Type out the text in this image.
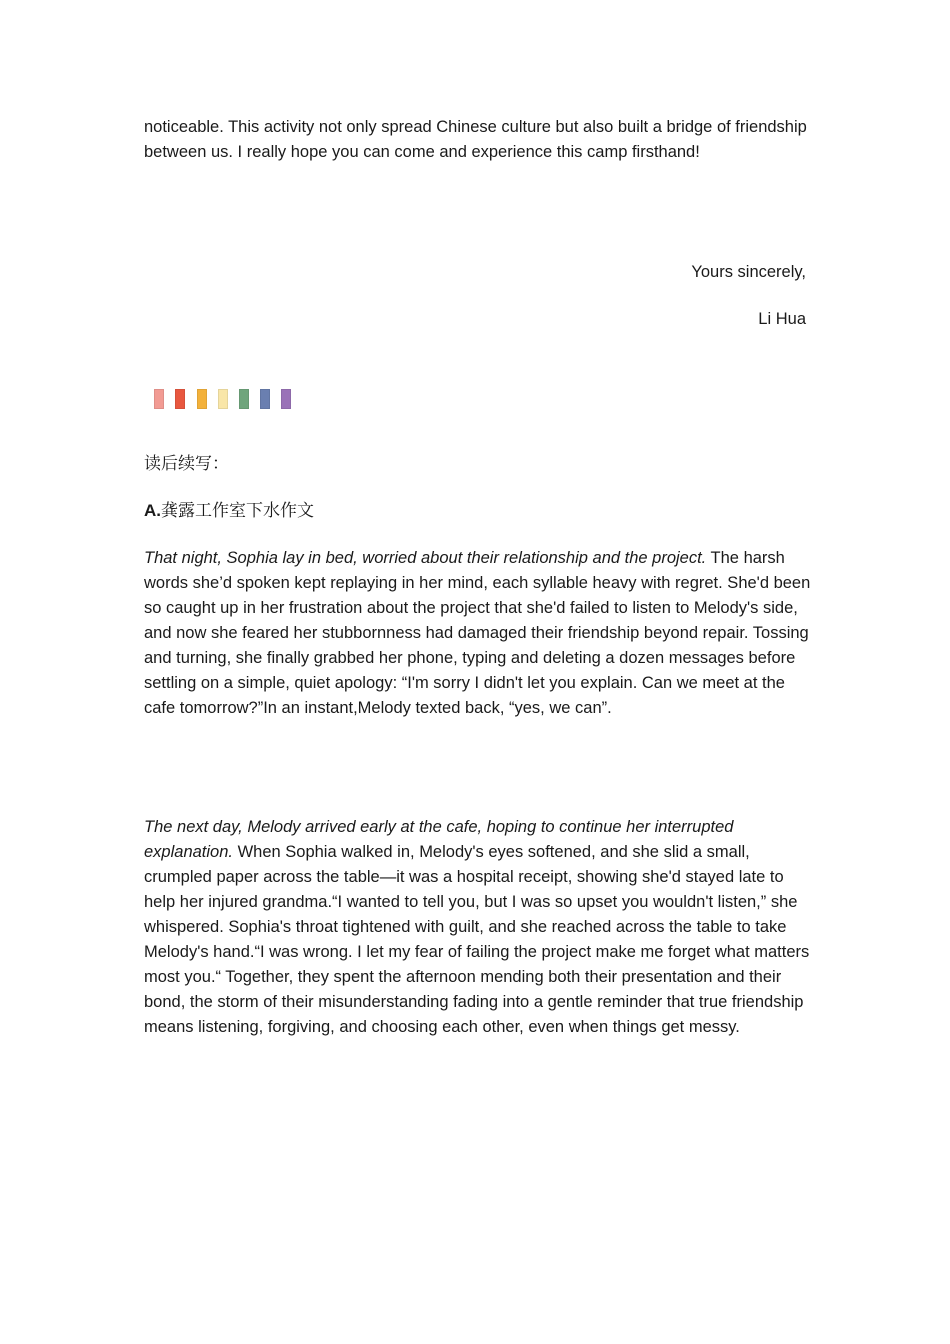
noticeable. This activity not only spread Chinese culture but also built a bridge of friendship between us. I really hope you can come and experience this camp firsthand!

Yours sincerely,
Li Hua

读后续写：

A.龚露工作室下水作文

That night, Sophia lay in bed, worried about their relationship and the project. The harsh words she’d spoken kept replaying in her mind, each syllable heavy with regret. She'd been so caught up in her frustration about the project that she'd failed to listen to Melody's side, and now she feared her stubbornness had damaged their friendship beyond repair. Tossing and turning, she finally grabbed her phone, typing and deleting a dozen messages before settling on a simple, quiet apology: “I'm sorry I didn't let you explain. Can we meet at the cafe tomorrow?”In an instant,Melody texted back, “yes, we can”.

The next day, Melody arrived early at the cafe, hoping to continue her interrupted explanation. When Sophia walked in, Melody's eyes softened, and she slid a small, crumpled paper across the table—it was a hospital receipt, showing she'd stayed late to help her injured grandma.“I wanted to tell you, but I was so upset you wouldn't listen,” she whispered. Sophia's throat tightened with guilt, and she reached across the table to take Melody's hand.“I was wrong. I let my fear of failing the project make me forget what matters most you.“ Together, they spent the afternoon mending both their presentation and their bond, the storm of their misunderstanding fading into a gentle reminder that true friendship means listening, forgiving, and choosing each other, even when things get messy.
